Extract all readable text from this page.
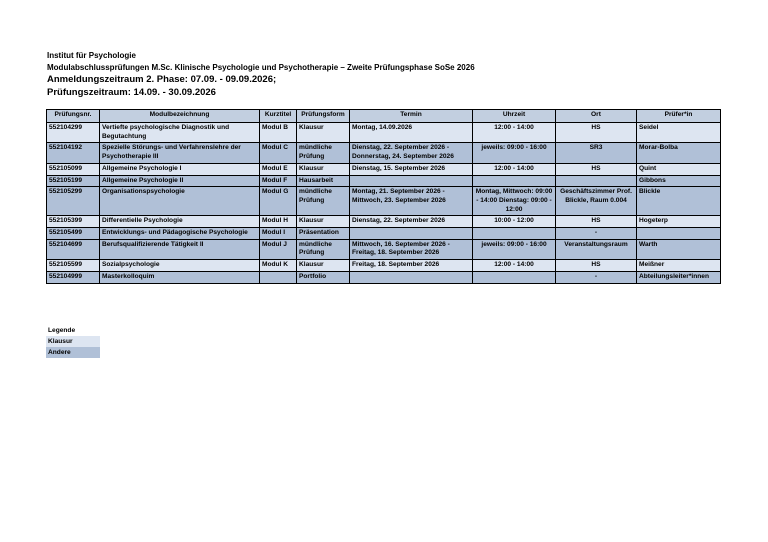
Institut für Psychologie
Modulabschlussprüfungen M.Sc. Klinische Psychologie und Psychotherapie – Zweite Prüfungsphase SoSe 2026
Anmeldungszeitraum 2. Phase: 07.09. - 09.09.2026;
Prüfungszeitraum: 14.09. - 30.09.2026
Prüfungsnr.	Modulbezeichnung	Kurztitel	Prüfungsform	Termin	Uhrzeit	Ort	Prüfer*in
552104299	Vertiefte psychologische Diagnostik und Begutachtung	Modul B	Klausur	Montag, 14.09.2026	12:00 - 14:00	HS	Seidel
552104192	Spezielle Störungs- und Verfahrenslehre der Psychotherapie III	Modul C	mündliche Prüfung	Dienstag, 22. September 2026 - Donnerstag, 24. September 2026	jeweils: 09:00 - 16:00	SR3	Morar-Bolba
552105099	Allgemeine Psychologie I	Modul E	Klausur	Dienstag, 15. September 2026	12:00 - 14:00	HS	Quint
552105199	Allgemeine Psychologie II	Modul F	Hausarbeit				Gibbons
552105299	Organisationspsychologie	Modul G	mündliche Prüfung	Montag, 21. September 2026 - Mittwoch, 23. September 2026	Montag, Mittwoch: 09:00 - 14:00 Dienstag: 09:00 - 12:00	Geschäftszimmer Prof. Blickle, Raum 0.004	Blickle
552105399	Differentielle Psychologie	Modul H	Klausur	Dienstag, 22. September 2026	10:00 - 12:00	HS	Hogeterp
552105499	Entwicklungs- und Pädagogische Psychologie	Modul I	Präsentation			-	
552104699	Berufsqualifizierende Tätigkeit II	Modul J	mündliche Prüfung	Mittwoch, 16. September 2026 - Freitag, 18. September 2026	jeweils: 09:00 - 16:00	Veranstaltungsraum	Warth
552105599	Sozialpsychologie	Modul K	Klausur	Freitag, 18. September 2026	12:00 - 14:00	HS	Meißner
552104999	Masterkolloquim		Portfolio			-	Abteilungsleiter*innen
Legende
Klausur
Andere
